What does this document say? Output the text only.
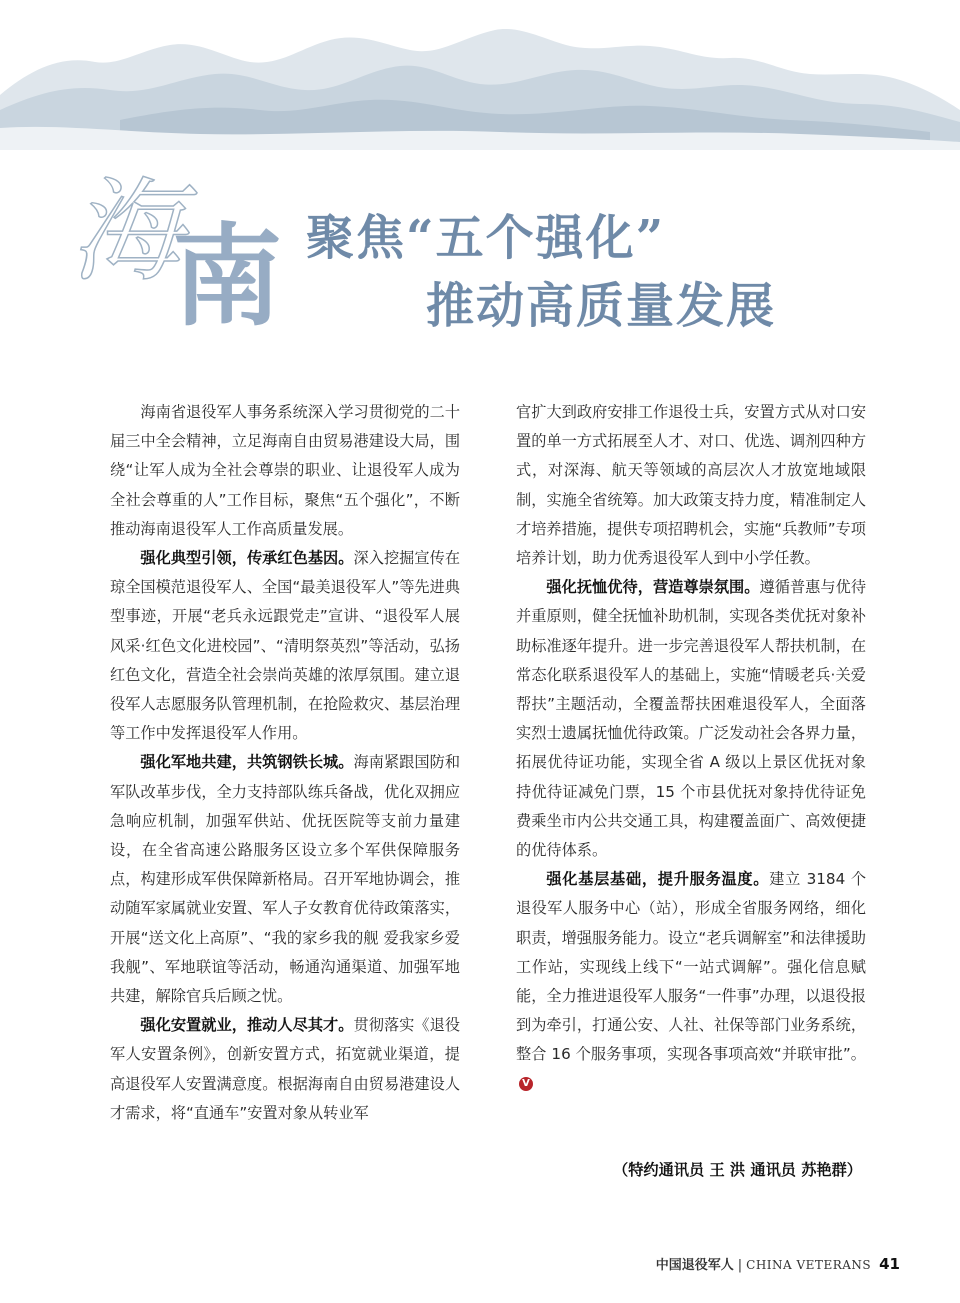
海
南 聚焦“五个强化”
推动高质量发展

海南省退役军人事务系统深入学习贯彻党的二十届三中全会精神，立足海南自由贸易港建设大局，围绕“让军人成为全社会尊崇的职业、让退役军人成为全社会尊重的人”工作目标，聚焦“五个强化”，不断推动海南退役军人工作高质量发展。

强化典型引领，传承红色基因。深入挖掘宣传在琼全国模范退役军人、全国“最美退役军人”等先进典型事迹，开展“老兵永远跟党走”宣讲、“退役军人展风采·红色文化进校园”、“清明祭英烈”等活动，弘扬红色文化，营造全社会崇尚英雄的浓厚氛围。建立退役军人志愿服务队管理机制，在抢险救灾、基层治理等工作中发挥退役军人作用。

强化军地共建，共筑钢铁长城。海南紧跟国防和军队改革步伐，全力支持部队练兵备战，优化双拥应急响应机制，加强军供站、优抚医院等支前力量建设，在全省高速公路服务区设立多个军供保障服务点，构建形成军供保障新格局。召开军地协调会，推动随军家属就业安置、军人子女教育优待政策落实，开展“送文化上高原”、“我的家乡我的舰 爱我家乡爱我舰”、军地联谊等活动，畅通沟通渠道、加强军地共建，解除官兵后顾之忧。

强化安置就业，推动人尽其才。贯彻落实《退役军人安置条例》，创新安置方式，拓宽就业渠道，提高退役军人安置满意度。根据海南自由贸易港建设人才需求，将“直通车”安置对象从转业军

官扩大到政府安排工作退役士兵，安置方式从对口安置的单一方式拓展至人才、对口、优选、调剂四种方式，对深海、航天等领域的高层次人才放宽地域限制，实施全省统筹。加大政策支持力度，精准制定人才培养措施，提供专项招聘机会，实施“兵教师”专项培养计划，助力优秀退役军人到中小学任教。

强化抚恤优待，营造尊崇氛围。遵循普惠与优待并重原则，健全抚恤补助机制，实现各类优抚对象补助标准逐年提升。进一步完善退役军人帮扶机制，在常态化联系退役军人的基础上，实施“情暖老兵·关爱帮扶”主题活动，全覆盖帮扶困难退役军人，全面落实烈士遗属抚恤优待政策。广泛发动社会各界力量，拓展优待证功能，实现全省 A 级以上景区优抚对象持优待证减免门票，15 个市县优抚对象持优待证免费乘坐市内公共交通工具，构建覆盖面广、高效便捷的优待体系。

强化基层基础，提升服务温度。建立 3184 个退役军人服务中心（站），形成全省服务网络，细化职责，增强服务能力。设立“老兵调解室”和法律援助工作站，实现线上线下“一站式调解”。强化信息赋能，全力推进退役军人服务“一件事”办理，以退役报到为牵引，打通公安、人社、社保等部门业务系统，整合 16 个服务事项，实现各事项高效“并联审批”。V

（特约通讯员 王 洪 通讯员 苏艳群）
中国退役军人 | CHINA VETERANS 41
